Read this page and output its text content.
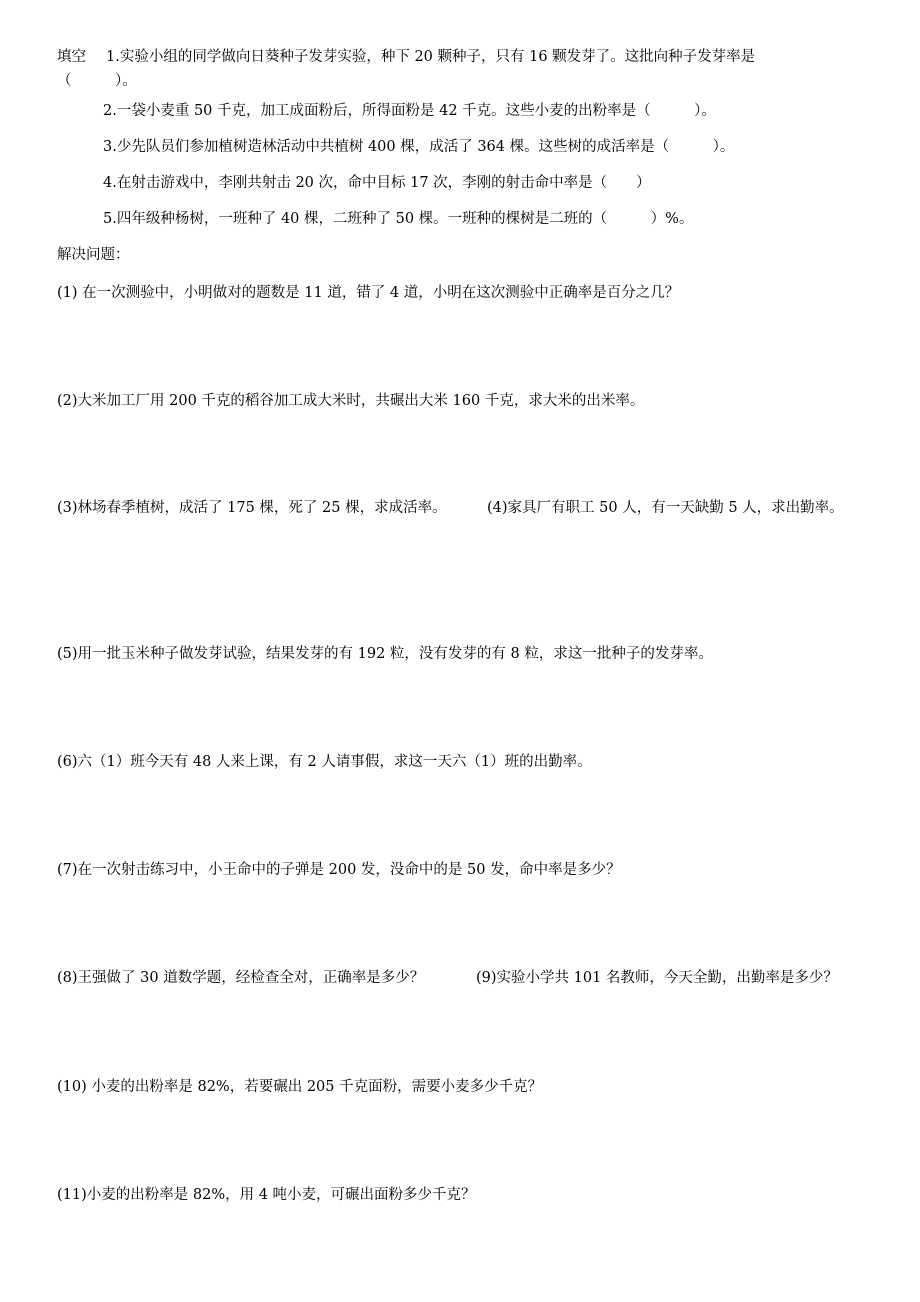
填空 1.实验小组的同学做向日葵种子发芽实验，种下 20 颗种子，只有 16 颗发芽了。这批向种子发芽率是
（　　　）。
2.一袋小麦重 50 千克，加工成面粉后，所得面粉是 42 千克。这些小麦的出粉率是（　　　）。
3.少先队员们参加植树造林活动中共植树 400 棵，成活了 364 棵。这些树的成活率是（　　　）。
4.在射击游戏中，李刚共射击 20 次，命中目标 17 次，李刚的射击命中率是（　　）
5.四年级种杨树，一班种了 40 棵，二班种了 50 棵。一班种的棵树是二班的（　　　）%。
解决问题：
(1) 在一次测验中，小明做对的题数是 11 道，错了 4 道，小明在这次测验中正确率是百分之几？
(2)大米加工厂用 200 千克的稻谷加工成大米时，共碾出大米 160 千克，求大米的出米率。
(3)林场春季植树，成活了 175 棵，死了 25 棵，求成活率。	(4)家具厂有职工 50 人，有一天缺勤 5 人，求出勤率。
(5)用一批玉米种子做发芽试验，结果发芽的有 192 粒，没有发芽的有 8 粒，求这一批种子的发芽率。
(6)六（1）班今天有 48 人来上课，有 2 人请事假，求这一天六（1）班的出勤率。
(7)在一次射击练习中，小王命中的子弹是 200 发，没命中的是 50 发，命中率是多少？
(8)王强做了 30 道数学题，经检查全对，正确率是多少？	(9)实验小学共 101 名教师，今天全勤，出勤率是多少？
(10) 小麦的出粉率是 82%，若要碾出 205 千克面粉，需要小麦多少千克？
(11)小麦的出粉率是 82%，用 4 吨小麦，可碾出面粉多少千克？
